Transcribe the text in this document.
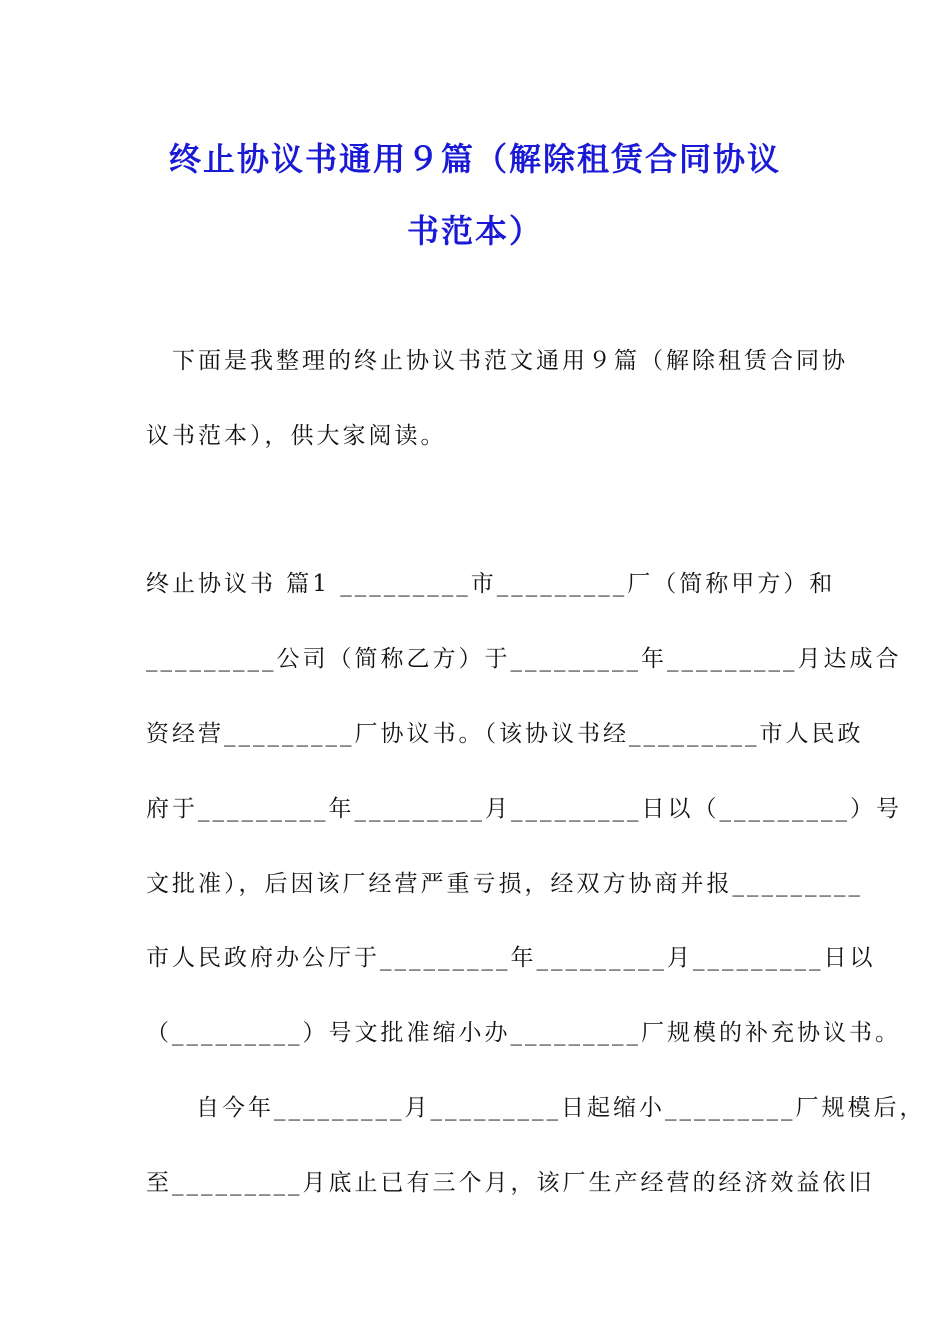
终止协议书通用９篇（解除租赁合同协议
书范本）
下面是我整理的终止协议书范文通用９篇（解除租赁合同协
议书范本），供大家阅读。
终止协议书 篇1 _________市_________厂（简称甲方）和
_________公司（简称乙方）于_________年_________月达成合
资经营_________厂协议书。（该协议书经_________市人民政
府于_________年_________月_________日以（_________）号
文批准），后因该厂经营严重亏损，经双方协商并报_________
市人民政府办公厅于_________年_________月_________日以
（_________）号文批准缩小办_________厂规模的补充协议书。
自今年_________月_________日起缩小_________厂规模后，
至_________月底止已有三个月，该厂生产经营的经济效益依旧
